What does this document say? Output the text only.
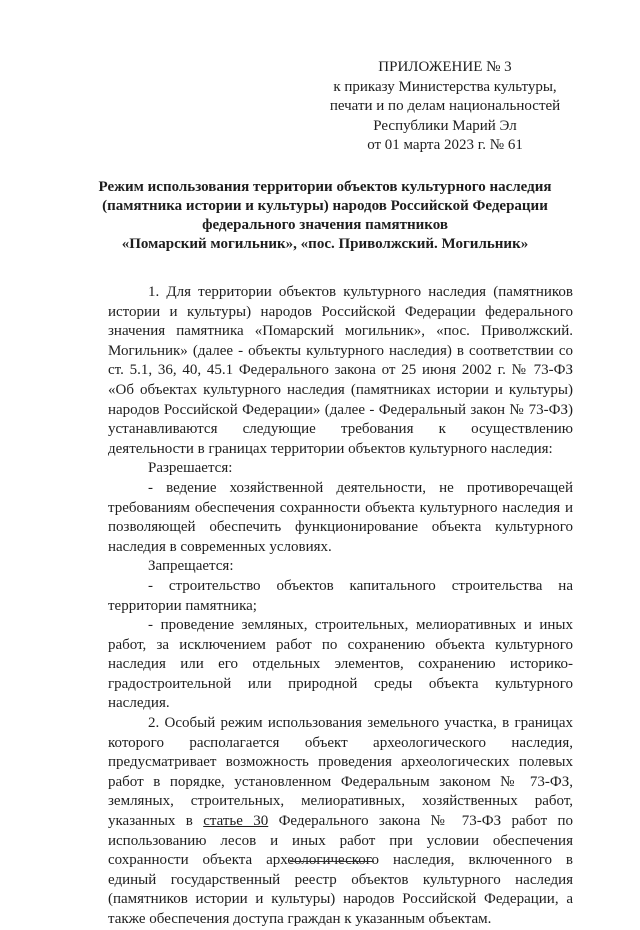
ПРИЛОЖЕНИЕ № 3
к приказу Министерства культуры,
печати и по делам национальностей
Республики Марий Эл
от 01 марта 2023 г. № 61
Режим использования территории объектов культурного наследия
(памятника истории и культуры) народов Российской Федерации
федерального значения памятников
«Помарский могильник», «пос. Приволжский. Могильник»

1. Для территории объектов культурного наследия (памятников истории и культуры) народов Российской Федерации федерального значения памятника «Помарский могильник», «пос. Приволжский. Могильник» (далее - объекты культурного наследия) в соответствии со ст. 5.1, 36, 40, 45.1 Федерального закона от 25 июня 2002 г. № 73-ФЗ «Об объектах культурного наследия (памятниках истории и культуры) народов Российской Федерации» (далее - Федеральный закон № 73-ФЗ) устанавливаются следующие требования к осуществлению деятельности в границах территории объектов культурного наследия:

Разрешается:

- ведение хозяйственной деятельности, не противоречащей требованиям обеспечения сохранности объекта культурного наследия и позволяющей обеспечить функционирование объекта культурного наследия в современных условиях.

Запрещается:

- строительство объектов капитального строительства на территории памятника;

- проведение земляных, строительных, мелиоративных и иных работ, за исключением работ по сохранению объекта культурного наследия или его отдельных элементов, сохранению историко-градостроительной или природной среды объекта культурного наследия.

2. Особый режим использования земельного участка, в границах которого располагается объект археологического наследия, предусматривает возможность проведения археологических полевых работ в порядке, установленном Федеральным законом № 73-ФЗ, земляных, строительных, мелиоративных, хозяйственных работ, указанных в статье 30 Федерального закона № 73-ФЗ работ по использованию лесов и иных работ при условии обеспечения сохранности объекта археологического наследия, включенного в единый государственный реестр объектов культурного наследия (памятников истории и культуры) народов Российской Федерации, а также обеспечения доступа граждан к указанным объектам.
